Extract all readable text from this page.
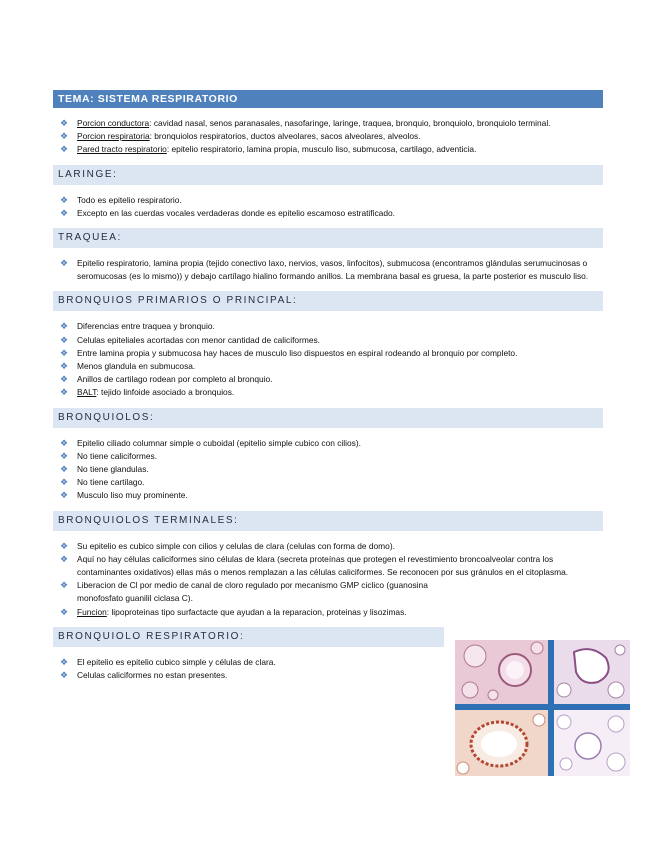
TEMA: SISTEMA RESPIRATORIO
❖ Porcion conductora: cavidad nasal, senos paranasales, nasofaringe, laringe, traquea, bronquio, bronquiolo, bronquiolo terminal.
❖ Porcion respiratoria: bronquiolos respiratorios, ductos alveolares, sacos alveolares, alveolos.
❖ Pared tracto respiratorio: epitelio respiratorio, lamina propia, musculo liso, submucosa, cartilago, adventicia.
LARINGE:
❖ Todo es epitelio respiratorio.
❖ Excepto en las cuerdas vocales verdaderas donde es epitelio escamoso estratificado.
TRAQUEA:
❖ Epitelio respiratorio, lamina propia (tejido conectivo laxo, nervios, vasos, linfocitos), submucosa (encontramos glándulas serumucinosas o seromucosas (es lo mismo)) y debajo cartílago hialino formando anillos. La membrana basal es gruesa, la parte posterior es musculo liso.
BRONQUIOS PRIMARIOS O PRINCIPAL:
❖ Diferencias entre traquea y bronquio.
❖ Celulas epiteliales acortadas con menor cantidad de caliciformes.
❖ Entre lamina propia y submucosa hay haces de musculo liso dispuestos en espiral rodeando al bronquio por completo.
❖ Menos glandula en submucosa.
❖ Anillos de cartilago rodean por completo al bronquio.
❖ BALT: tejido linfoide asociado a bronquios.
BRONQUIOLOS:
❖ Epitelio ciliado columnar simple o cuboidal (epitelio simple cubico con cilios).
❖ No tiene caliciformes.
❖ No tiene glandulas.
❖ No tiene cartilago.
❖ Musculo liso muy prominente.
BRONQUIOLOS TERMINALES:
❖ Su epitelio es cubico simple con cilios y celulas de clara (celulas con forma de domo).
❖ Aquí no hay células caliciformes sino células de klara (secreta proteínas que protegen el revestimiento broncoalveolar contra los contaminantes oxidativos) ellas más o menos remplazan a las células caliciformes. Se reconocen por sus gránulos en el citoplasma.
❖ Liberacion de Cl por medio de canal de cloro regulado por mecanismo GMP ciclico (guanosina monofosfato guanilil ciclasa C).
❖ Funcion: lipoproteinas tipo surfactacte que ayudan a la reparacion, proteinas y lisozimas.
BRONQUIOLO RESPIRATORIO:
❖ El epitelio es epitelio cubico simple y células de clara.
❖ Celulas caliciformes no estan presentes.
